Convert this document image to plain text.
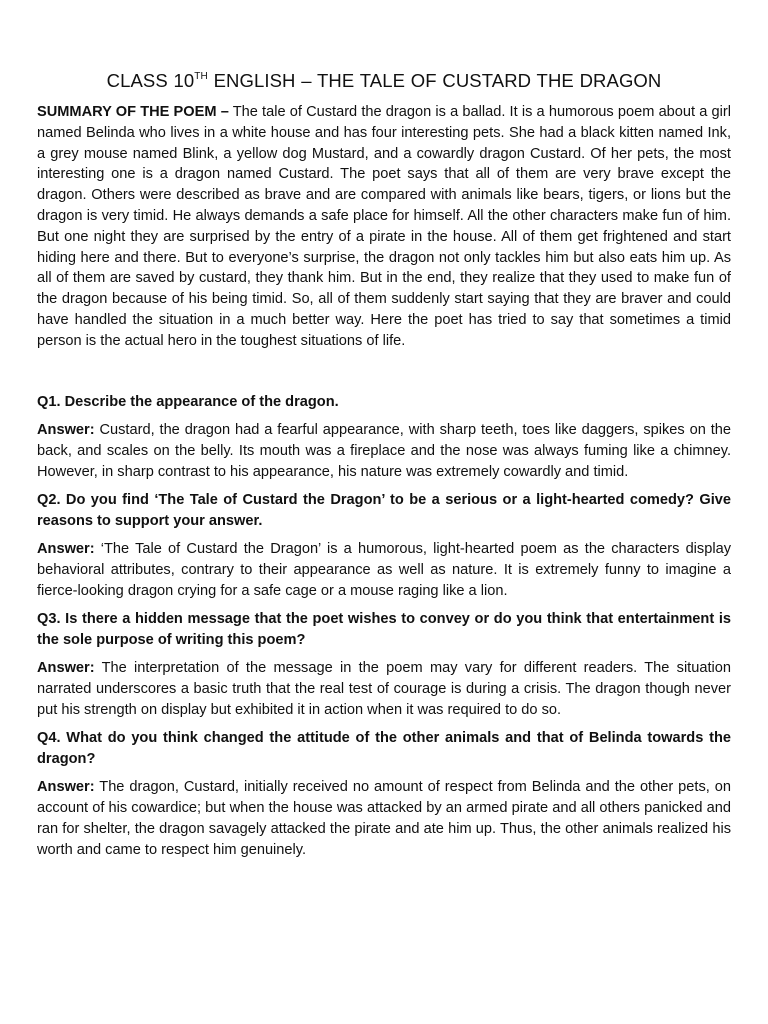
CLASS 10TH ENGLISH – THE TALE OF CUSTARD THE DRAGON

SUMMARY OF THE POEM – The tale of Custard the dragon is a ballad. It is a humorous poem about a girl named Belinda who lives in a white house and has four interesting pets. She had a black kitten named Ink, a grey mouse named Blink, a yellow dog Mustard, and a cowardly dragon Custard. Of her pets, the most interesting one is a dragon named Custard. The poet says that all of them are very brave except the dragon. Others were described as brave and are compared with animals like bears, tigers, or lions but the dragon is very timid. He always demands a safe place for himself. All the other characters make fun of him. But one night they are surprised by the entry of a pirate in the house. All of them get frightened and start hiding here and there. But to everyone’s surprise, the dragon not only tackles him but also eats him up. As all of them are saved by custard, they thank him. But in the end, they realize that they used to make fun of the dragon because of his being timid. So, all of them suddenly start saying that they are braver and could have handled the situation in a much better way. Here the poet has tried to say that sometimes a timid person is the actual hero in the toughest situations of life.

Q1. Describe the appearance of the dragon.

Answer: Custard, the dragon had a fearful appearance, with sharp teeth, toes like daggers, spikes on the back, and scales on the belly. Its mouth was a fireplace and the nose was always fuming like a chimney. However, in sharp contrast to his appearance, his nature was extremely cowardly and timid.

Q2. Do you find ‘The Tale of Custard the Dragon’ to be a serious or a light-hearted comedy? Give reasons to support your answer.

Answer: ‘The Tale of Custard the Dragon’ is a humorous, light-hearted poem as the characters display behavioral attributes, contrary to their appearance as well as nature. It is extremely funny to imagine a fierce-looking dragon crying for a safe cage or a mouse raging like a lion.

Q3. Is there a hidden message that the poet wishes to convey or do you think that entertainment is the sole purpose of writing this poem?

Answer: The interpretation of the message in the poem may vary for different readers. The situation narrated underscores a basic truth that the real test of courage is during a crisis. The dragon though never put his strength on display but exhibited it in action when it was required to do so.

Q4. What do you think changed the attitude of the other animals and that of Belinda towards the dragon?

Answer: The dragon, Custard, initially received no amount of respect from Belinda and the other pets, on account of his cowardice; but when the house was attacked by an armed pirate and all others panicked and ran for shelter, the dragon savagely attacked the pirate and ate him up. Thus, the other animals realized his worth and came to respect him genuinely.
